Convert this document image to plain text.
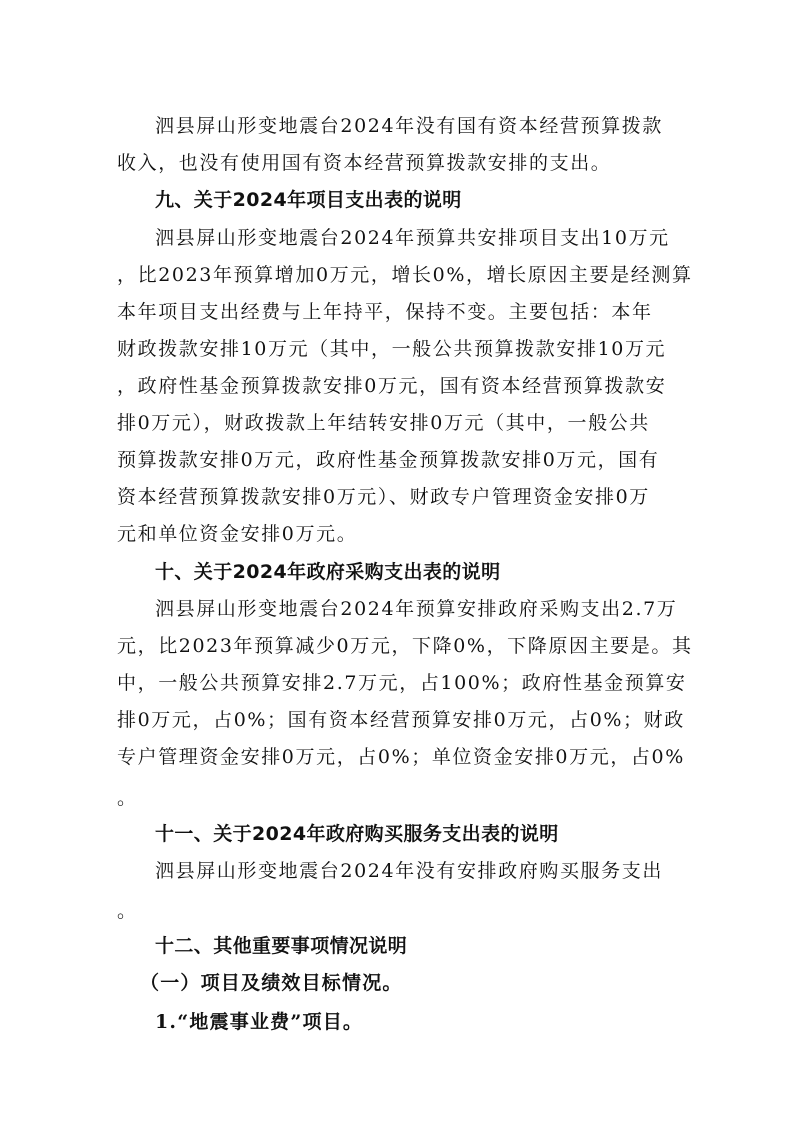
泗县屏山形变地震台2024年没有国有资本经营预算拨款
收入，也没有使用国有资本经营预算拨款安排的支出。
九、关于2024年项目支出表的说明
泗县屏山形变地震台2024年预算共安排项目支出10万元
，比2023年预算增加0万元，增长0%，增长原因主要是经测算
本年项目支出经费与上年持平，保持不变。主要包括：本年
财政拨款安排10万元（其中，一般公共预算拨款安排10万元
，政府性基金预算拨款安排0万元，国有资本经营预算拨款安
排0万元），财政拨款上年结转安排0万元（其中，一般公共
预算拨款安排0万元，政府性基金预算拨款安排0万元，国有
资本经营预算拨款安排0万元）、财政专户管理资金安排0万
元和单位资金安排0万元。
十、关于2024年政府采购支出表的说明
泗县屏山形变地震台2024年预算安排政府采购支出2.7万
元，比2023年预算减少0万元，下降0%，下降原因主要是。其
中，一般公共预算安排2.7万元，占100%；政府性基金预算安
排0万元，占0%；国有资本经营预算安排0万元，占0%；财政
专户管理资金安排0万元，占0%；单位资金安排0万元，占0%
。
十一、关于2024年政府购买服务支出表的说明
泗县屏山形变地震台2024年没有安排政府购买服务支出
。
十二、其他重要事项情况说明
（一）项目及绩效目标情况。
1.“地震事业费”项目。
